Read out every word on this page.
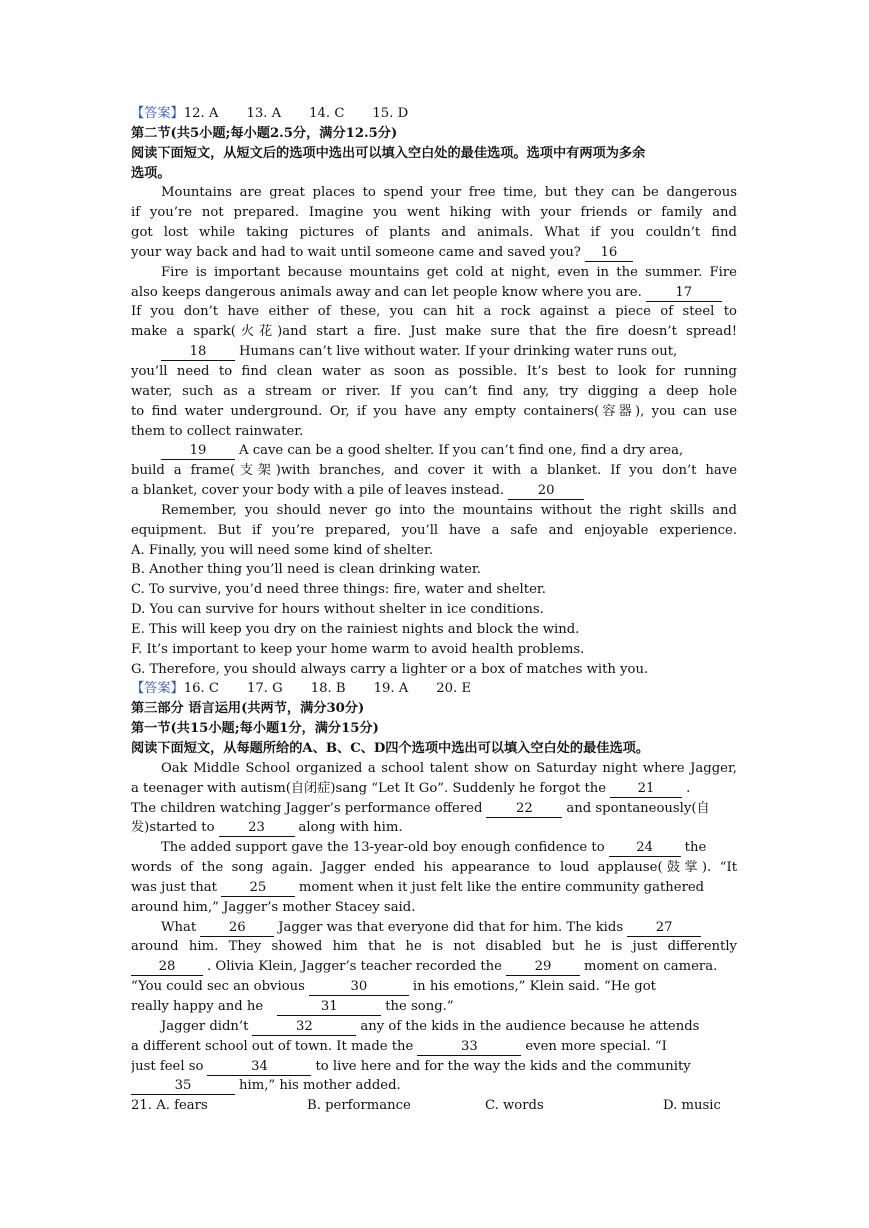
【答案】12. A 13. A 14. C 15. D
第二节(共5小题;每小题2.5分，满分12.5分)
阅读下面短文，从短文后的选项中选出可以填入空白处的最佳选项。选项中有两项为多余
选项。
Mountains are great places to spend your free time, but they can be dangerous
if you’re not prepared. Imagine you went hiking with your friends or family and
got lost while taking pictures of plants and animals. What if you couldn’t find
your way back and had to wait until someone came and saved you? 16
Fire is important because mountains get cold at night, even in the summer. Fire
also keeps dangerous animals away and can let people know where you are.	17
If you don’t have either of these, you can hit a rock against a piece of steel to
make a spark(火花)and start a fire. Just make sure that the fire doesn’t spread!
18 Humans can’t live without water. If your drinking water runs out,
you’ll need to find clean water as soon as possible. It’s best to look for running
water, such as a stream or river. If you can’t find any, try digging a deep hole
to find water underground. Or, if you have any empty containers(容器), you can use
them to collect rainwater.
19 A cave can be a good shelter. If you can’t find one, find a dry area,
build a frame(支架)with branches, and cover it with a blanket. If you don’t have
a blanket, cover your body with a pile of leaves instead.	20
Remember, you should never go into the mountains without the right skills and
equipment. But if you’re prepared, you’ll have a safe and enjoyable experience.
A. Finally, you will need some kind of shelter.
B. Another thing you’ll need is clean drinking water.
C. To survive, you’d need three things: fire, water and shelter.
D. You can survive for hours without shelter in ice conditions.
E. This will keep you dry on the rainiest nights and block the wind.
F. It’s important to keep your home warm to avoid health problems.
G. Therefore, you should always carry a lighter or a box of matches with you.
【答案】16. C 17. G 18. B 19. A 20. E
第三部分 语言运用(共两节，满分30分)
第一节(共15小题;每小题1分，满分15分)
阅读下面短文，从每题所给的A、B、C、D四个选项中选出可以填入空白处的最佳选项。
Oak Middle School organized a school talent show on Saturday night where Jagger,
a teenager with autism(自闭症)sang “Let It Go”. Suddenly he forgot the 21 .
The children watching Jagger’s performance offered	22	and spontaneously(自
发)started to	23	along with him.
The added support gave the 13-year-old boy enough confidence to 24 the
words of the song again. Jagger ended his appearance to loud applause(鼓掌). “It
was just that 25 moment when it just felt like the entire community gathered
around him,” Jagger’s mother Stacey said.
What 26 Jagger was that everyone did that for him. The kids 27
around him. They showed him that he is not disabled but he is just differently
28 . Olivia Klein, Jagger’s teacher recorded the 29 moment on camera.
“You could sec an obvious	30	in his emotions,” Klein said. “He got
really happy and he	31	the song.”
Jagger didn’t	32	any of the kids in the audience because he attends
a different school out of town. It made the	33	even more special. “I
just feel so	34	to live here and for the way the kids and the community
35	him,” his mother added.
21. A. fears	B. performance	C. words	D. music
